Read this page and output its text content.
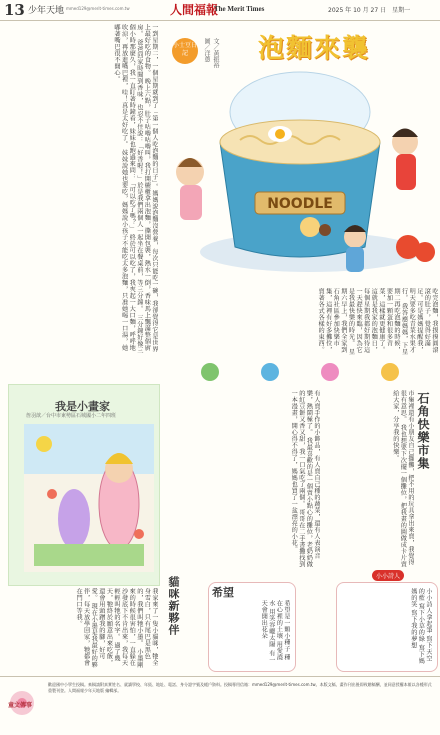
13 少年天地 mmed129@merit-times.com.tw	人間福報
The Merit Times	2025 年 10 月 27 日　星期一
一到星期二，一個星期就到了「第一個人吃泡麵的日子」。媽媽說泡麵沒營養，每次只能吃一碗，我卻覺得它是世界上最好吃的食物。 晚上六點，肚子咕嚕咕嚕叫，我打開櫥櫃拿出泡麵，撕開包裝，熱水一倒，香味馬上飄滿整個廚房。 爸爸回家時聞到香味，也忍不住說：「好香喔！」於是我們兩個人一起坐在餐桌前，等三分鐘。 三分鐘好像三個小時那麼久，我一直盯著時鐘看，妹妹也跑過來問：「可以吃了嗎？」 終於可以吃了，我夾起一大口麵，呼呼地吹涼，再放進嘴巴裡，哇！真是太好吃了。 妹妹說她也要吃，媽媽說小孩子不能吃太多泡麵，只准她喝一口湯，她嘟著嘴巴很不開心。
NOODLE
泡麵來襲
小士豆日記	文／黃振裕　圖／洋蔥
吃完泡麵，我摸摸圓滾滾的肚子，覺得好滿足。可是媽媽提醒我，明天要多吃青菜水果才行。 我答應媽媽，下星期二再吃泡麵的時候，要加一顆蛋和很多青菜，這樣就更健康了。 這就是我家的泡麵日，每個星期我都好期待這一天趕快來臨，因為它是我最快樂的時光。 星期六早上，我們全家到石角社區參加快樂市集，這裡有好多攤位，賣著各式各樣的東西。
我是小畫家
詹羽歆／台中市東勢區石城國小二年四班	有人賣手作的小飾品，有人賣自己種的蔬菜，還有人表演音樂，熱鬧極了。 我最喜歡的是一個賣小點心的攤位，老奶奶做的紅豆餅又香又甜，我一口氣吃了兩個。 哥哥在二手書攤找到一本漫畫，開心得不得了，媽媽也買了一盆漂亮的小花。	市集裡還有小朋友自己擺攤，把不用的玩具拿出來賣，我覺得很有意思。 我也想要下次擺一個攤位，把我畫的圖做成卡片賣給大家，分享我的快樂。	石角快樂市集
我家來了一隻小貓咪，牠全身雪白，只有尾巴是黑色的，我們叫牠小墨。 小墨剛來的時候很害怕，一直躲在沙發底下不肯出來，我每天輕輕叫牠的名字。 過了幾天，牠終於願意出來吃飯，還會用頭蹭我的腳，好可愛。 現在小墨是我最好的夥伴，每天放學回家，牠都會在門口等我。	貓咪新夥伴	希望
希望是一顆小種子 種在心裡的土壤 用愛澆水 用笑容曬太陽 有一天會開出花朵
小小詩人
小小詩人拿起筆 寫下天空的藍 寫下小草的綠 寫下媽媽的笑 寫下我的夢想
童文傳事
歡迎國中小學生投稿。來稿請附真實姓名、就讀學校、年級、地址、電話、身分證字號及帳戶資料。投稿專用信箱：mmed129@merit-times.com.tw。本版文稿、畫作刊出後即致贈稿酬，並同意授權本報以各種形式重製刊登。人間福報少年天地版 編輯部。
